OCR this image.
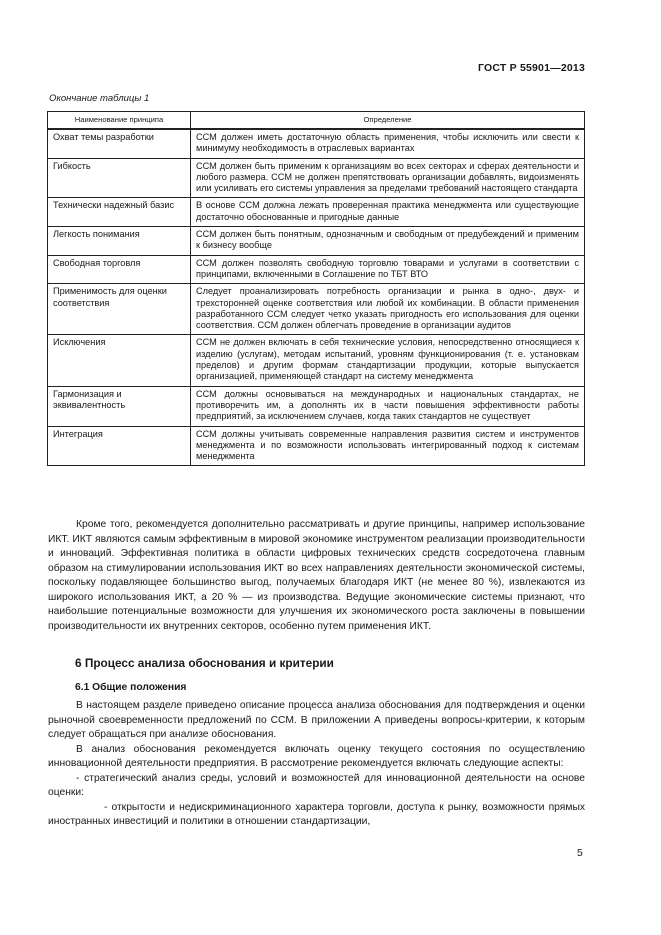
ГОСТ Р 55901—2013
Окончание таблицы 1
Наименование принципа	Определение
Охват темы разработки	ССМ должен иметь достаточную область применения, чтобы исключить или свести к минимуму необходимость в отраслевых вариантах
Гибкость	ССМ должен быть применим к организациям во всех секторах и сферах деятельности и любого размера. ССМ не должен препятствовать организации добавлять, видоизменять или усиливать его системы управления за пределами требований настоящего стандарта
Технически надежный базис	В основе ССМ должна лежать проверенная практика менеджмента или существующие достаточно обоснованные и пригодные данные
Легкость понимания	ССМ должен быть понятным, однозначным и свободным от предубеждений и применим к бизнесу вообще
Свободная торговля	ССМ должен позволять свободную торговлю товарами и услугами в соответствии с принципами, включенными в Соглашение по ТБТ ВТО
Применимость для оценки соответствия	Следует проанализировать потребность организации и рынка в одно-, двух- и трехсторонней оценке соответствия или любой их комбинации. В области применения разработанного ССМ следует четко указать пригодность его использования для оценки соответствия. ССМ должен облегчать проведение в организации аудитов
Исключения	ССМ не должен включать в себя технические условия, непосредственно относящиеся к изделию (услугам), методам испытаний, уровням функционирования (т. е. установкам пределов) и другим формам стандартизации продукции, которые выпускается организацией, применяющей стандарт на систему менеджмента
Гармонизация и эквивалентность	ССМ должны основываться на международных и национальных стандартах, не противоречить им, а дополнять их в части повышения эффективности работы предприятий, за исключением случаев, когда таких стандартов не существует
Интеграция	ССМ должны учитывать современные направления развития систем и инструментов менеджмента и по возможности использовать интегрированный подход к системам менеджмента

Кроме того, рекомендуется дополнительно рассматривать и другие принципы, например использование ИКТ. ИКТ являются самым эффективным в мировой экономике инструментом реализации производительности и инноваций. Эффективная политика в области цифровых технических средств сосредоточена главным образом на стимулировании использования ИКТ во всех направлениях деятельности экономической системы, поскольку подавляющее большинство выгод, получаемых благодаря ИКТ (не менее 80 %), извлекаются из широкого использования ИКТ, а 20 % — из производства. Ведущие экономические системы признают, что наибольшие потенциальные возможности для улучшения их экономического роста заключены в повышении производительности их внутренних секторов, особенно путем применения ИКТ.

6 Процесс анализа обоснования и критерии
6.1 Общие положения

В настоящем разделе приведено описание процесса анализа обоснования для подтверждения и оценки рыночной своевременности предложений по ССМ. В приложении А приведены вопросы-критерии, к которым следует обращаться при анализе обоснования.

В анализ обоснования рекомендуется включать оценку текущего состояния по осуществлению инновационной деятельности предприятия. В рассмотрение рекомендуется включать следующие аспекты:

- стратегический анализ среды, условий и возможностей для инновационной деятельности на основе оценки:

- открытости и недискриминационного характера торговли, доступа к рынку, возможности прямых иностранных инвестиций и политики в отношении стандартизации,

5
